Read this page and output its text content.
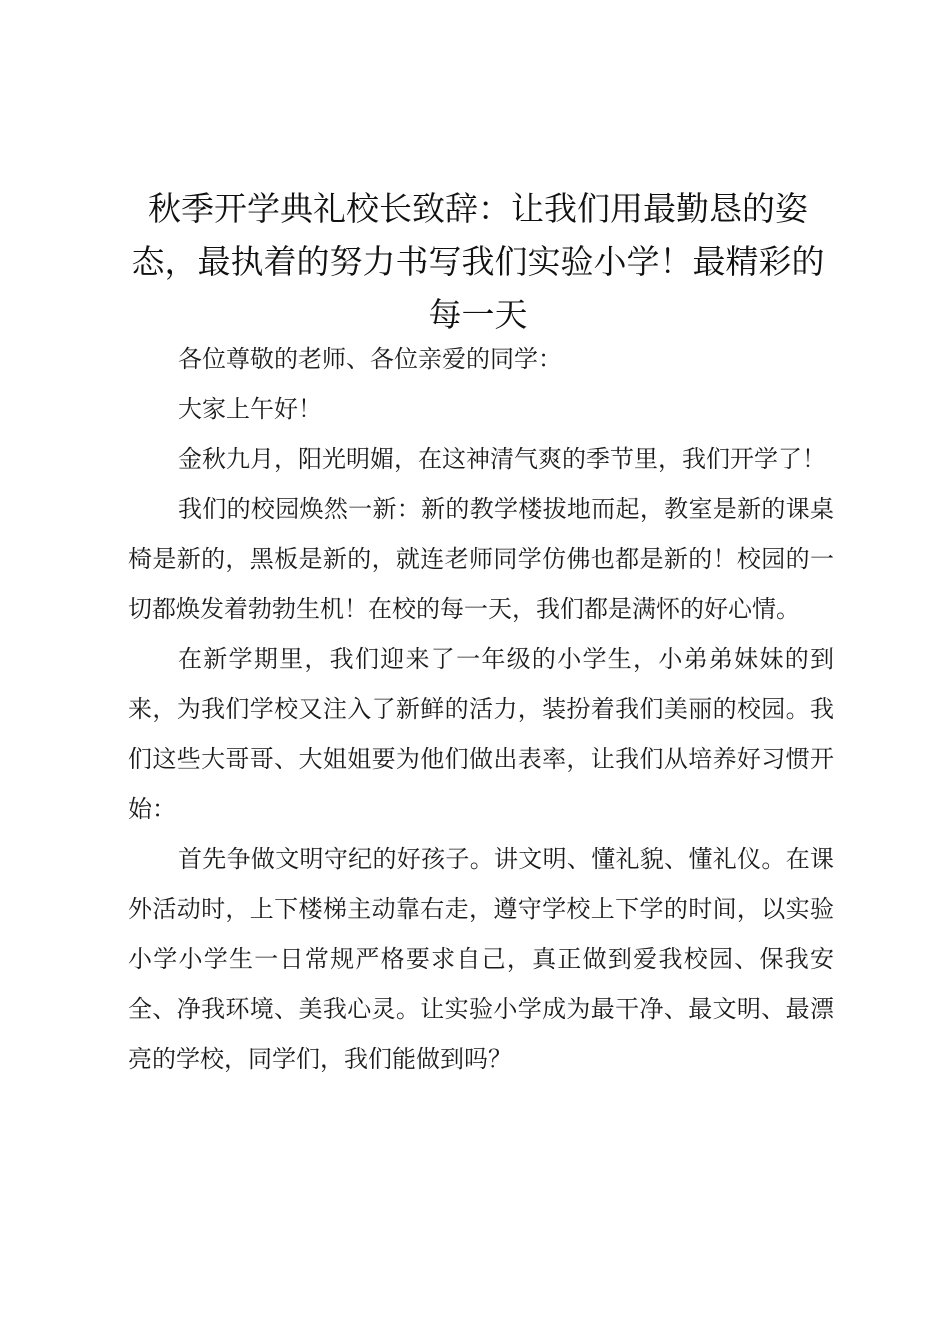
秋季开学典礼校长致辞：让我们用最勤恳的姿态，最执着的努力书写我们实验小学！最精彩的每一天

各位尊敬的老师、各位亲爱的同学：

大家上午好！

金秋九月，阳光明媚，在这神清气爽的季节里，我们开学了！

我们的校园焕然一新：新的教学楼拔地而起，教室是新的课桌椅是新的，黑板是新的，就连老师同学仿佛也都是新的！校园的一切都焕发着勃勃生机！在校的每一天，我们都是满怀的好心情。

在新学期里，我们迎来了一年级的小学生，小弟弟妹妹的到来，为我们学校又注入了新鲜的活力，装扮着我们美丽的校园。我们这些大哥哥、大姐姐要为他们做出表率，让我们从培养好习惯开始：

首先争做文明守纪的好孩子。讲文明、懂礼貌、懂礼仪。在课外活动时，上下楼梯主动靠右走，遵守学校上下学的时间，以实验小学小学生一日常规严格要求自己，真正做到爱我校园、保我安全、净我环境、美我心灵。让实验小学成为最干净、最文明、最漂亮的学校，同学们，我们能做到吗？
